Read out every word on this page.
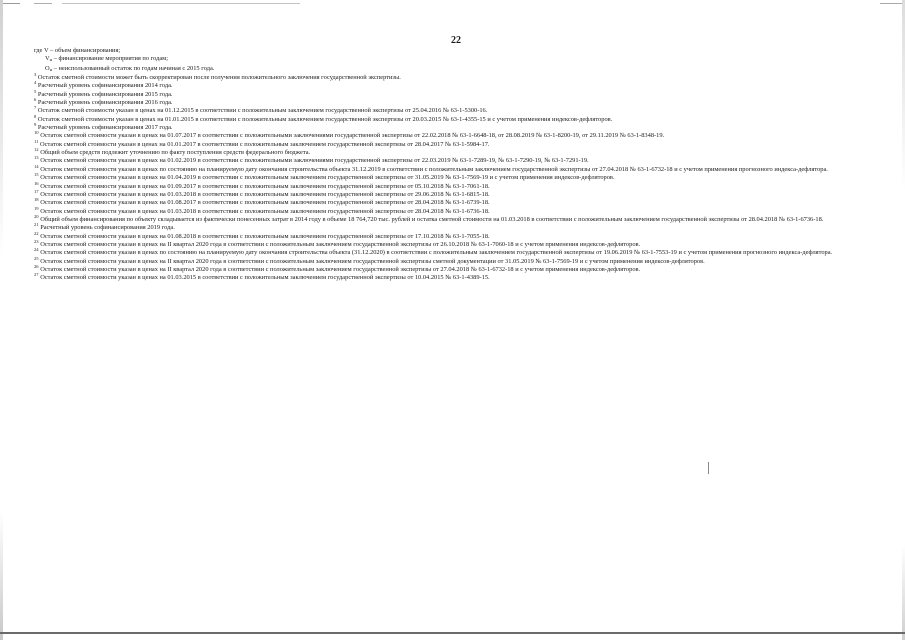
22
где V – объем финансирования;
$V_н$ – финансирование мероприятия по годам;
$О_н$ – неиспользованный остаток по годам начиная с 2015 года.
$^3$ Остаток сметной стоимости может быть скорректирован после получения положительного заключения государственной экспертизы.
$^4$ Расчетный уровень софинансирования 2014 года.
$^5$ Расчетный уровень софинансирования 2015 года.
$^6$ Расчетный уровень софинансирования 2016 года.
$^7$ Остаток сметной стоимости указан в ценах на 01.12.2015 в соответствии с положительным заключением государственной экспертизы от 25.04.2016 № 63-1-5300-16.
$^8$ Остаток сметной стоимости указан в ценах на 01.01.2015 в соответствии с положительным заключением государственной экспертизы от 20.03.2015 № 63-1-4355-15 и с учетом применения индексов-дефляторов.
$^9$ Расчетный уровень софинансирования 2017 года.
$^{10}$ Остаток сметной стоимости указан в ценах на 01.07.2017 в соответствии с положительными заключениями государственной экспертизы от 22.02.2018 № 63-1-6648-18, от 28.08.2019 № 63-1-8200-19, от 29.11.2019 № 63-1-8348-19.
$^{11}$ Остаток сметной стоимости указан в ценах на 01.01.2017 в соответствии с положительным заключением государственной экспертизы от 28.04.2017 № 63-1-5984-17.
$^{12}$ Общий объем средств подлежит уточнению по факту поступления средств федерального бюджета.
$^{13}$ Остаток сметной стоимости указан в ценах на 01.02.2019 в соответствии с положительными заключениями государственной экспертизы от 22.03.2019 № 63-1-7289-19, № 63-1-7290-19, № 63-1-7291-19.
$^{14}$ Остаток сметной стоимости указан в ценах по состоянию на планируемую дату окончания строительства объекта 31.12.2019 в соответствии с положительным заключением государственной экспертизы от 27.04.2018 № 63-1-6732-18 и с учетом применения прогнозного индекса-дефлятора.
$^{15}$ Остаток сметной стоимости указан в ценах на 01.04.2019 в соответствии с положительным заключением государственной экспертизы от 31.05.2019 № 63-1-7569-19 и с учетом применения индексов-дефляторов.
$^{16}$ Остаток сметной стоимости указан в ценах на 01.09.2017 в соответствии с положительным заключением государственной экспертизы от 05.10.2018 № 63-1-7061-18.
$^{17}$ Остаток сметной стоимости указан в ценах на 01.03.2018 в соответствии с положительным заключением государственной экспертизы от 29.06.2018 № 63-1-6815-18.
$^{18}$ Остаток сметной стоимости указан в ценах на 01.08.2017 в соответствии с положительным заключением государственной экспертизы от 28.04.2018 № 63-1-6739-18.
$^{19}$ Остаток сметной стоимости указан в ценах на 01.03.2018 в соответствии с положительным заключением государственной экспертизы от 28.04.2018 № 63-1-6736-18.
$^{20}$ Общий объем финансирования по объекту складывается из фактически понесенных затрат в 2014 году в объеме 18 764,720 тыс. рублей и остатка сметной стоимости на 01.03.2018 в соответствии с положительным заключением государственной экспертизы от 28.04.2018 № 63-1-6736-18.
$^{21}$ Расчетный уровень софинансирования 2019 года.
$^{22}$ Остаток сметной стоимости указан в ценах на 01.08.2018 в соответствии с положительным заключением государственной экспертизы от 17.10.2018 № 63-1-7055-18.
$^{23}$ Остаток сметной стоимости указан в ценах на II квартал 2020 года в соответствии с положительным заключением государственной экспертизы от 26.10.2018 № 63-1-7060-18 и с учетом применения индексов-дефляторов.
$^{24}$ Остаток сметной стоимости указан в ценах по состоянию на планируемую дату окончания строительства объекта (31.12.2020) в соответствии с положительным заключением государственной экспертизы от 19.06.2019 № 63-1-7553-19 и с учетом применения прогнозного индекса-дефлятора.
$^{25}$ Остаток сметной стоимости указан в ценах на II квартал 2020 года в соответствии с положительным заключением государственной экспертизы сметной документации от 31.05.2019 № 63-1-7569-19 и с учетом применения индексов-дефляторов.
$^{26}$ Остаток сметной стоимости указан в ценах на II квартал 2020 года в соответствии с положительным заключением государственной экспертизы от 27.04.2018 № 63-1-6732-18 и с учетом применения индексов-дефляторов.
$^{27}$ Остаток сметной стоимости указан в ценах на 01.03.2015 в соответствии с положительным заключением государственной экспертизы от 10.04.2015 № 63-1-4389-15.
